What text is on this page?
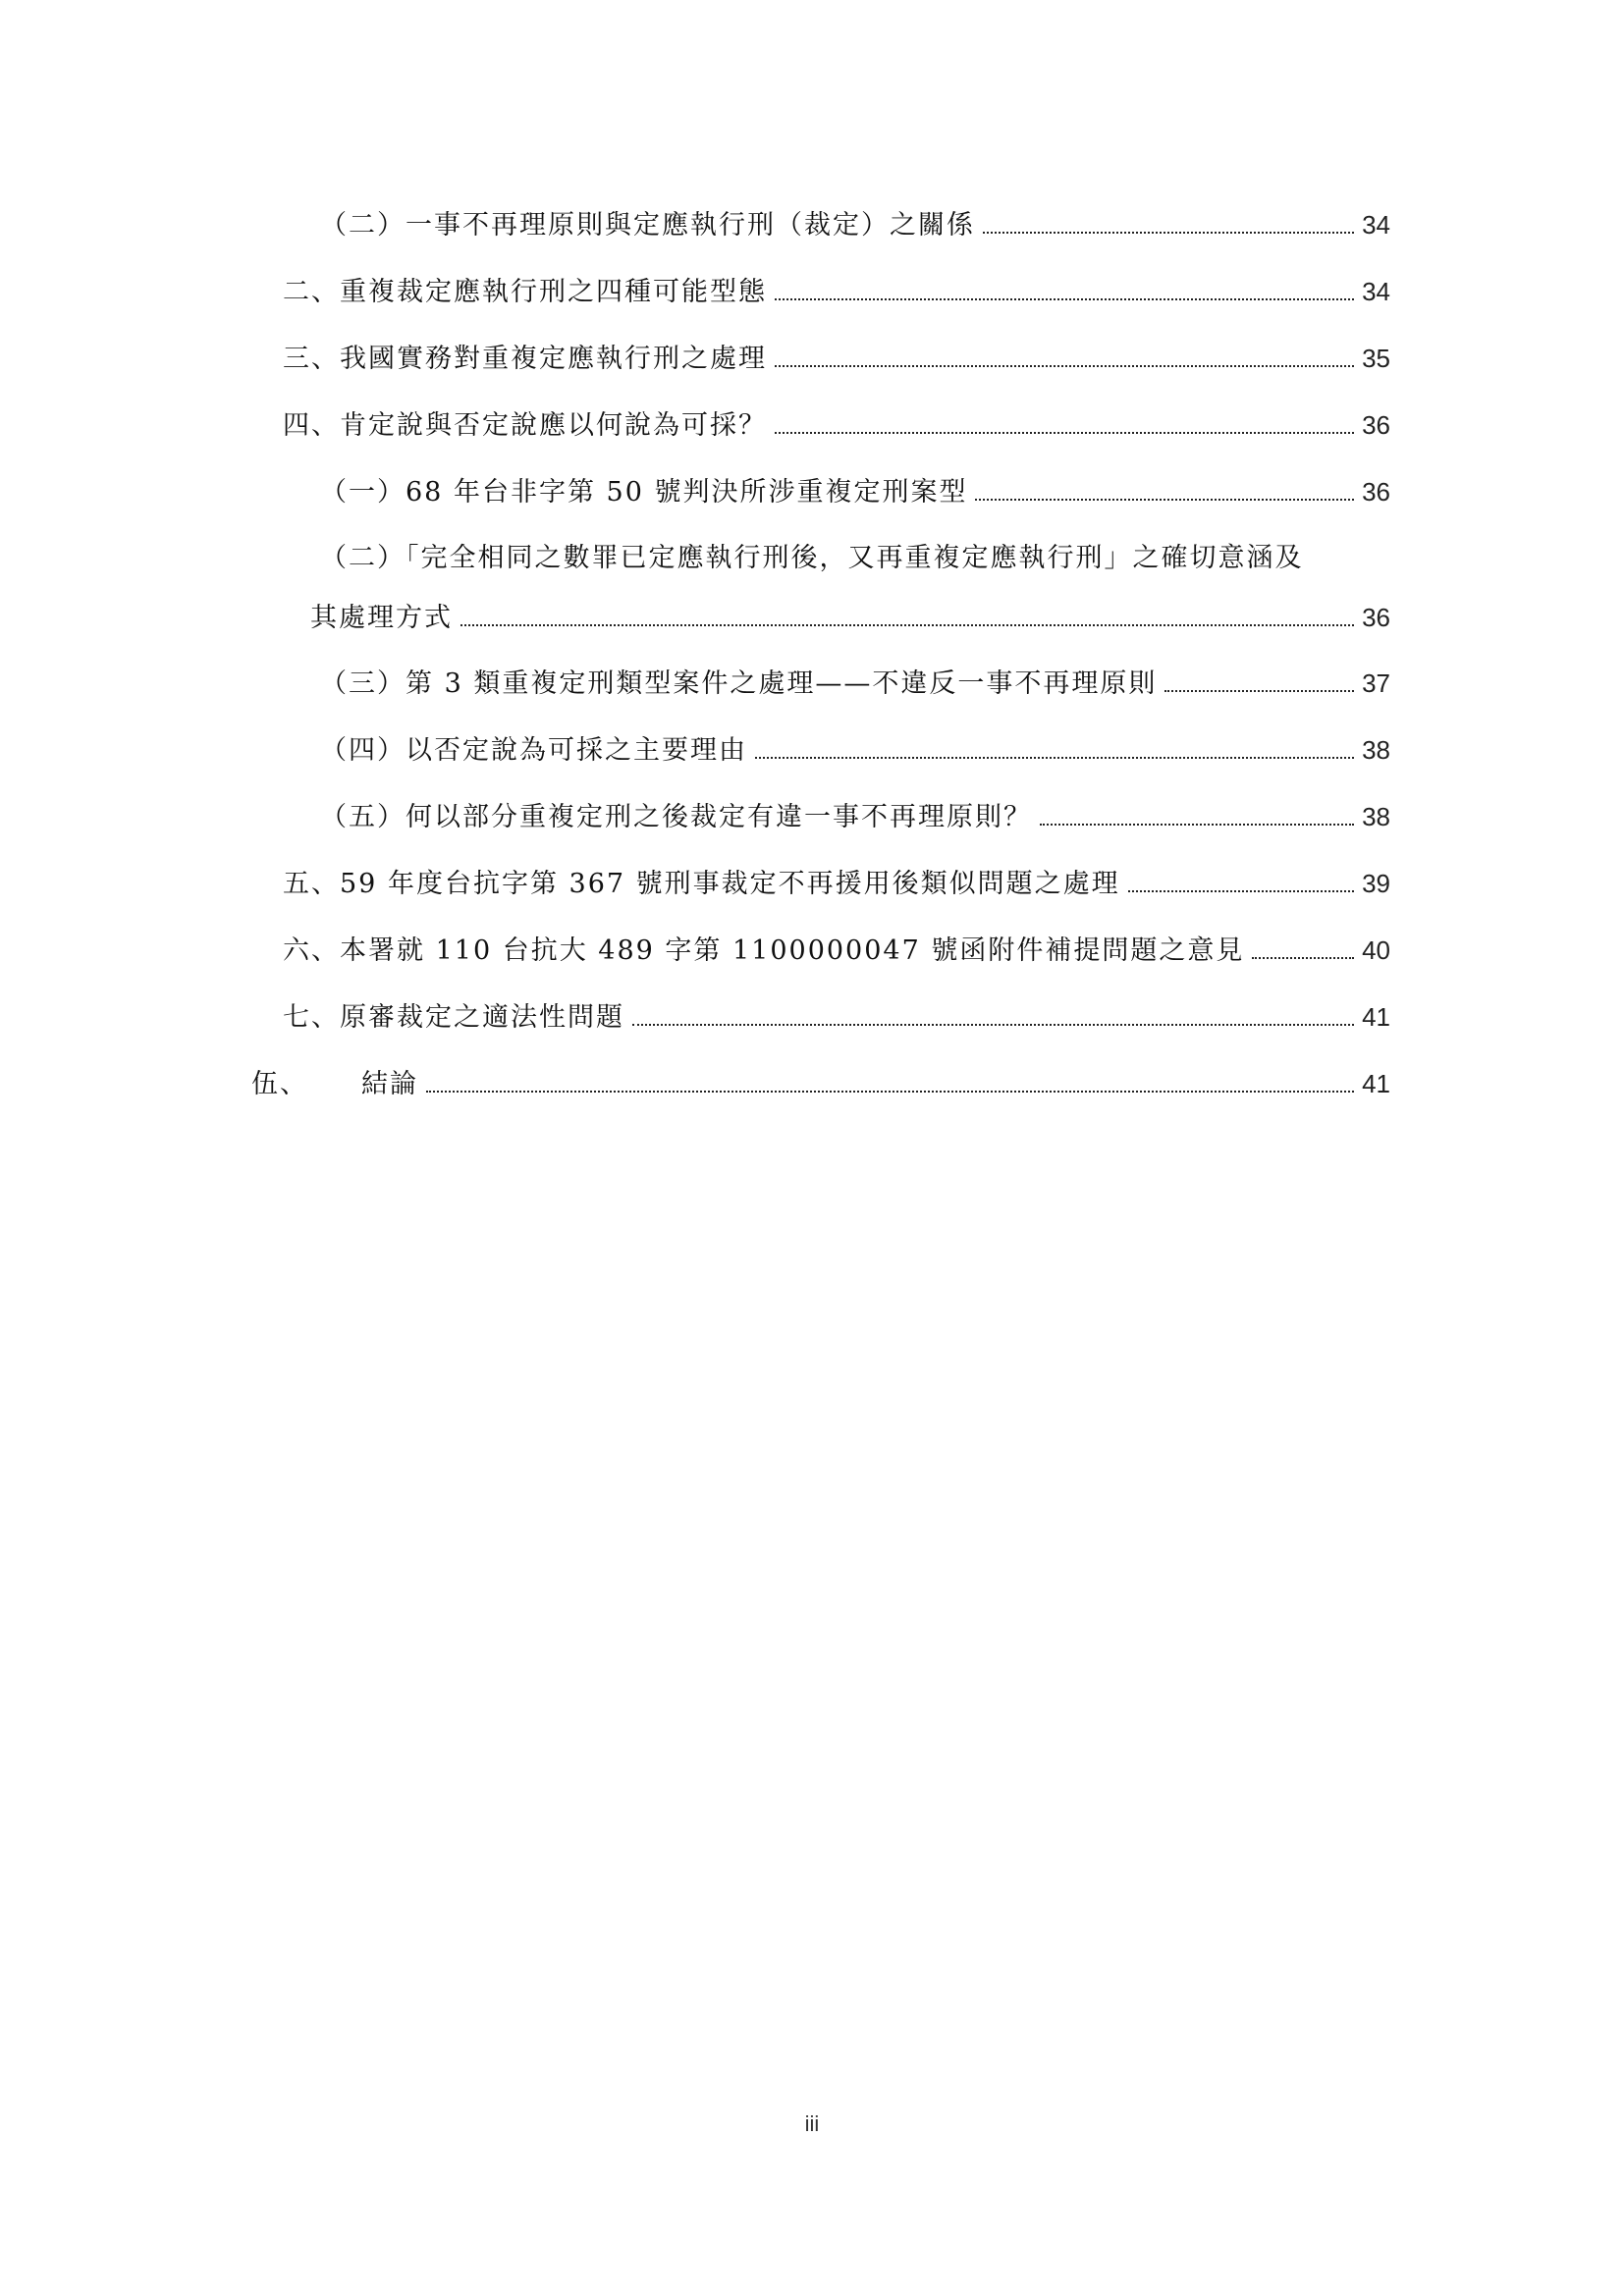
（二）一事不再理原則與定應執行刑（裁定）之關係	34
二、重複裁定應執行刑之四種可能型態	34
三、我國實務對重複定應執行刑之處理	35
四、肯定說與否定說應以何說為可採？	36
（一）68 年台非字第 50 號判決所涉重複定刑案型	36
（二）「完全相同之數罪已定應執行刑後，又再重複定應執行刑」之確切意涵及
其處理方式	36
（三）第 3 類重複定刑類型案件之處理——不違反一事不再理原則	37
（四）以否定說為可採之主要理由	38
（五）何以部分重複定刑之後裁定有違一事不再理原則？	38
五、59 年度台抗字第 367 號刑事裁定不再援用後類似問題之處理	39
六、本署就 110 台抗大 489 字第 1100000047 號函附件補提問題之意見	40
七、原審裁定之適法性問題	41
伍、 結論	41
iii
